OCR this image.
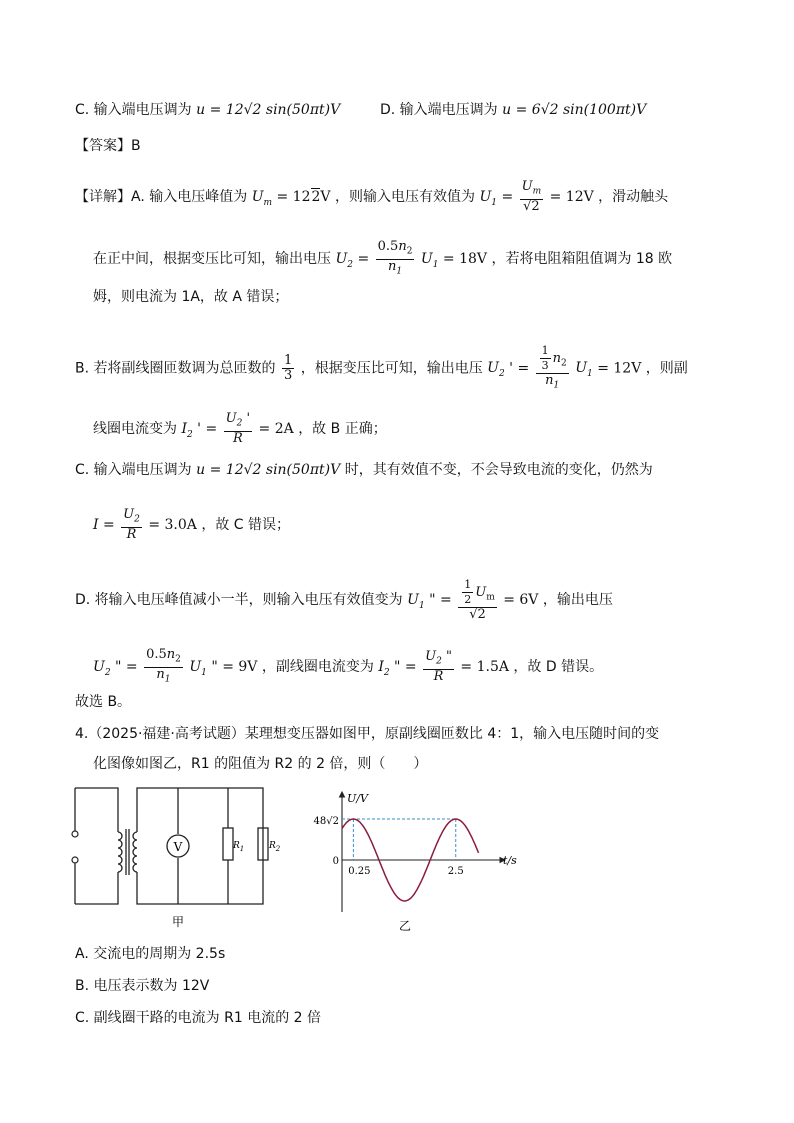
C. 输入端电压调为 u = 12√2 sin(50πt)V	D. 输入端电压调为 u = 6√2 sin(100πt)V
【答案】B
【详解】A. 输入电压峰值为 $U_m = 122V$ ，则输入电压有效值为 $U_1 = \frac{U_m}{√2} = 12V$ ，滑动触头
在正中间，根据变压比可知，输出电压 $U_2 = \frac{0.5n_2}{n_1} U_1 = 18V$ ，若将电阻箱阻值调为 18 欧
姆，则电流为 1A，故 A 错误；
B. 若将副线圈匝数调为总匝数的 $\frac{1}{3}$ ，根据变压比可知，输出电压 $U_2$ ' = $\frac{\frac{1}{3} n_2}{n_1} U_1 = 12V$ ，则副
线圈电流变为 $I_2$ ' = $\frac{U_2 '}{R} = 2A$ ，故 B 正确；
C. 输入端电压调为 u = 12√2 sin(50πt)V 时，其有效值不变，不会导致电流的变化，仍然为
$I = \frac{U_2}{R} = 3.0A$ ，故 C 错误；
D. 将输入电压峰值减小一半，则输入电压有效值变为 $U_1$ " = $\frac{\frac{1}{2} U_m}{√2} = 6V$ ，输出电压
$U_2$ " = $\frac{0.5n_2}{n_1} U_1$ " = 9V ，副线圈电流变为 $I_2$ " = $\frac{U_2 "}{R} = 1.5A$ ，故 D 错误。
故选 B。
4.（2025·福建·高考试题）某理想变压器如图甲，原副线圈匝数比 4：1，输入电压随时间的变
化图像如图乙，R1 的阻值为 R2 的 2 倍，则（　　）
V	$R_1$	$R_2$
甲
U/V
t/s
48√2
0
0.25	2.5
乙
A. 交流电的周期为 2.5s
B. 电压表示数为 12V
C. 副线圈干路的电流为 R1 电流的 2 倍
